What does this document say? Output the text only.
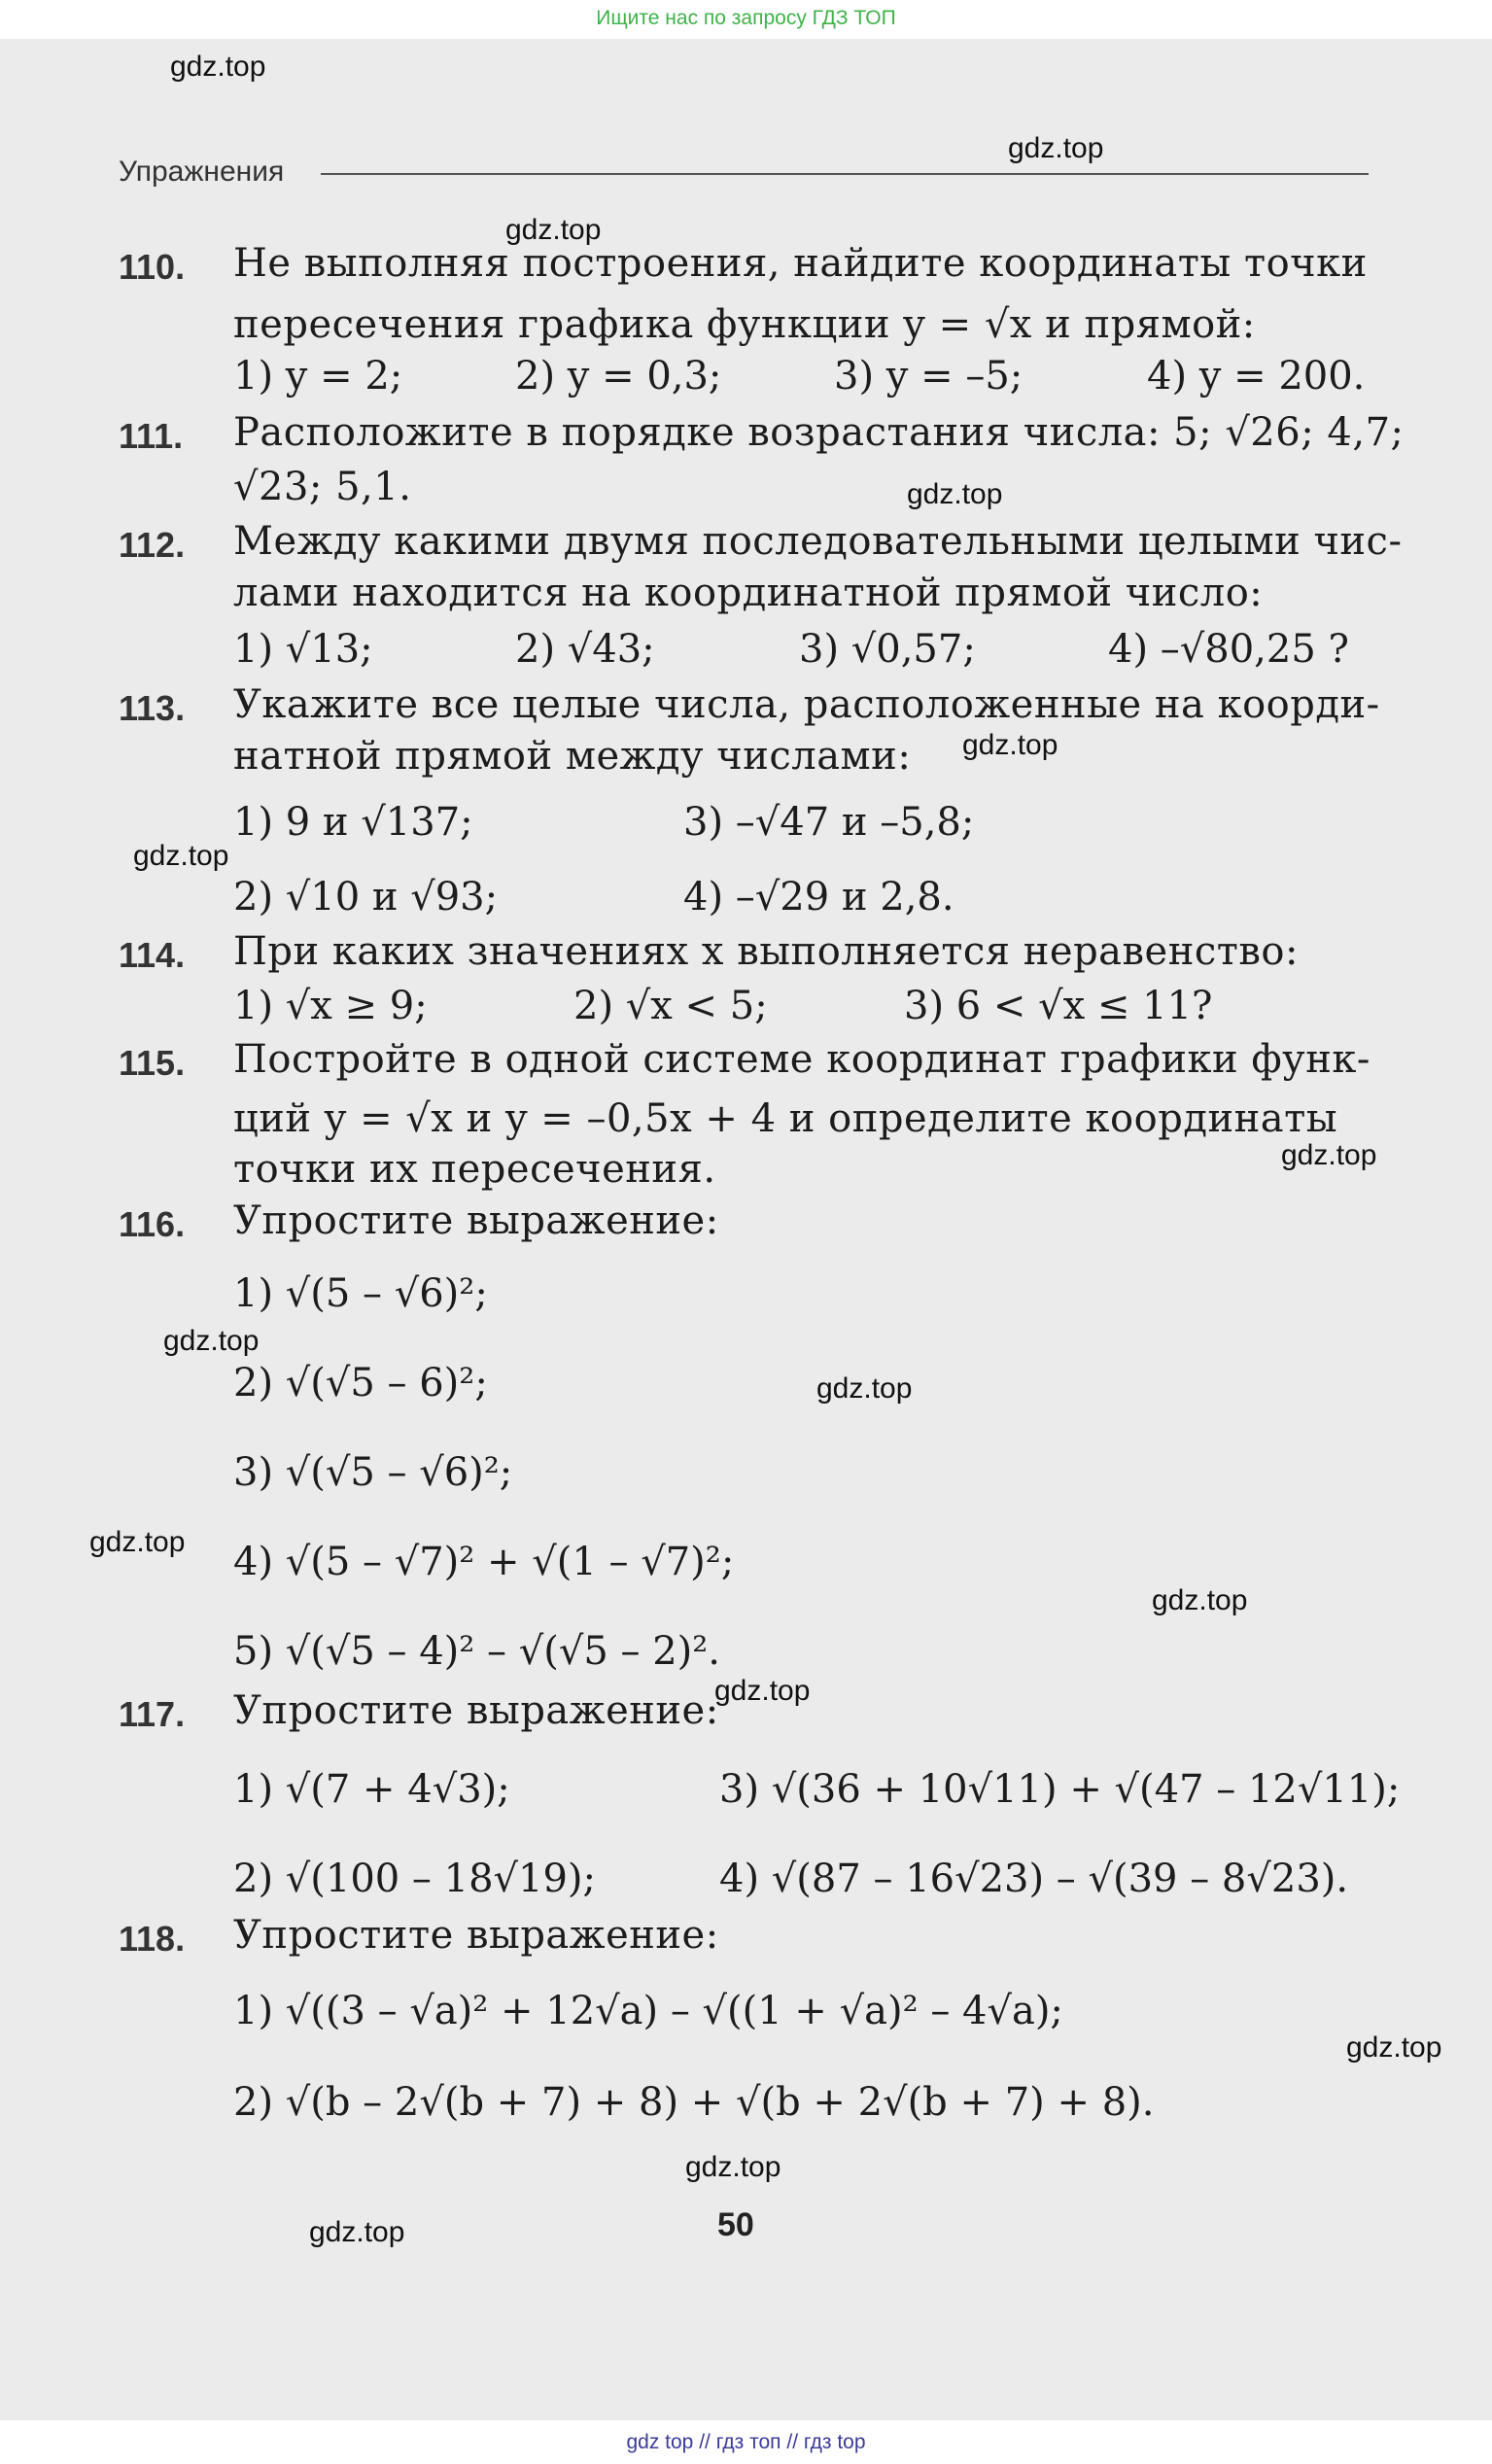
Ищите нас по запросу ГДЗ ТОП
gdz.top
gdz.top
gdz.top
gdz.top
gdz.top
gdz.top
gdz.top
gdz.top
gdz.top
gdz.top
gdz.top
gdz.top
gdz.top
gdz.top
gdz.top
Упражнения
110. Не выполняя построения, найдите координаты точки
пересечения графика функции y = √x и прямой:
1) y = 2;	2) y = 0,3;	3) y = –5;	4) y = 200.
111. Расположите в порядке возрастания числа: 5; √26; 4,7;
√23; 5,1.
112. Между какими двумя последовательными целыми чис-
лами находится на координатной прямой число:
1) √13;	2) √43;	3) √0,57;	4) –√80,25 ?
113. Укажите все целые числа, расположенные на коорди-
натной прямой между числами:
1) 9 и √137;	3) –√47 и –5,8;
2) √10 и √93;	4) –√29 и 2,8.
114. При каких значениях x выполняется неравенство:
1) √x ≥ 9;	2) √x < 5;	3) 6 < √x ≤ 11?
115. Постройте в одной системе координат графики функ-
ций y = √x и y = –0,5x + 4 и определите координаты
точки их пересечения.
116. Упростите выражение:
1) √(5 – √6)²;
2) √(√5 – 6)²;
3) √(√5 – √6)²;
4) √(5 – √7)² + √(1 – √7)²;
5) √(√5 – 4)² – √(√5 – 2)².
117. Упростите выражение:
1) √(7 + 4√3);	3) √(36 + 10√11) + √(47 – 12√11);
2) √(100 – 18√19);	4) √(87 – 16√23) – √(39 – 8√23).
118. Упростите выражение:
1) √((3 – √a)² + 12√a) – √((1 + √a)² – 4√a);
2) √(b – 2√(b + 7) + 8) + √(b + 2√(b + 7) + 8).
50
gdz top // гдз топ // гдз top
